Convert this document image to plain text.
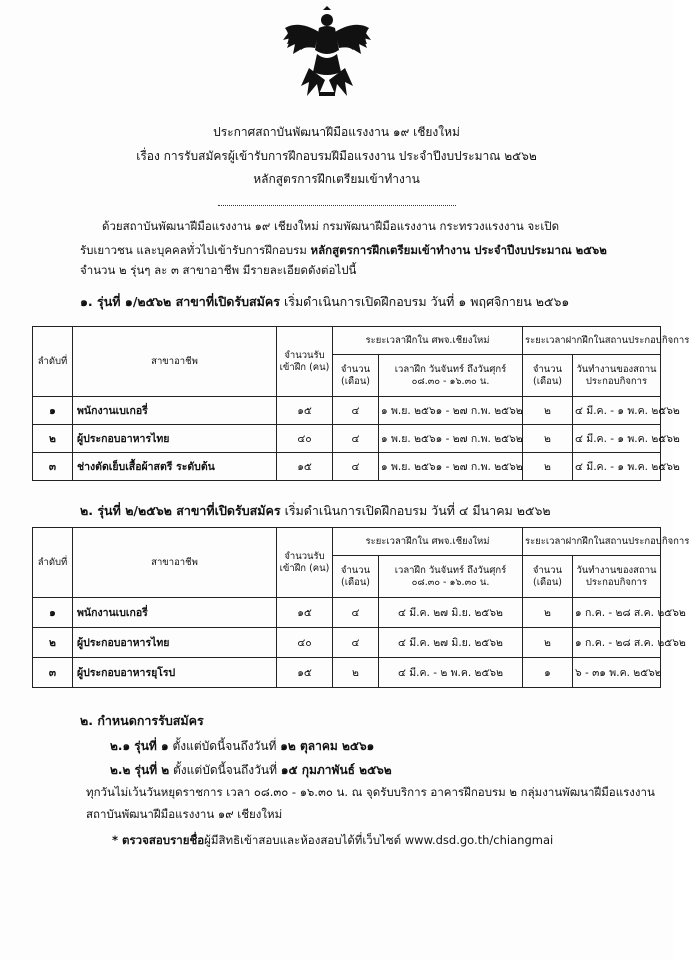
ประกาศสถาบันพัฒนาฝีมือแรงงาน ๑๙ เชียงใหม่
เรื่อง การรับสมัครผู้เข้ารับการฝึกอบรมฝีมือแรงงาน ประจำปีงบประมาณ ๒๕๖๒
หลักสูตรการฝึกเตรียมเข้าทำงาน
ด้วยสถาบันพัฒนาฝีมือแรงงาน ๑๙ เชียงใหม่ กรมพัฒนาฝีมือแรงงาน กระทรวงแรงงาน จะเปิด
รับเยาวชน และบุคคลทั่วไปเข้ารับการฝึกอบรม หลักสูตรการฝึกเตรียมเข้าทำงาน ประจำปีงบประมาณ ๒๕๖๒
จำนวน ๒ รุ่นๆ ละ ๓ สาขาอาชีพ มีรายละเอียดดังต่อไปนี้
๑. รุ่นที่ ๑/๒๕๖๒ สาขาที่เปิดรับสมัคร เริ่มดำเนินการเปิดฝึกอบรม วันที่ ๑ พฤศจิกายน ๒๕๖๑
ลำดับที่	สาขาอาชีพ	จำนวนรับเข้าฝึก (คน)	ระยะเวลาฝึกใน ศพจ.เชียงใหม่		ระยะเวลาฝากฝึกในสถานประกอบกิจการ	
			จำนวน (เดือน)	เวลาฝึก วันจันทร์ ถึงวันศุกร์ ๐๘.๓๐ - ๑๖.๓๐ น.	จำนวน (เดือน)	วันทำงานของสถานประกอบกิจการ
๑	พนักงานเบเกอรี่	๑๕	๔	๑ พ.ย. ๒๕๖๑ - ๒๗ ก.พ. ๒๕๖๒	๒	๔ มี.ค. - ๑ พ.ค. ๒๕๖๒
๒	ผู้ประกอบอาหารไทย	๔๐	๔	๑ พ.ย. ๒๕๖๑ - ๒๗ ก.พ. ๒๕๖๒	๒	๔ มี.ค. - ๑ พ.ค. ๒๕๖๒
๓	ช่างตัดเย็บเสื้อผ้าสตรี ระดับต้น	๑๕	๔	๑ พ.ย. ๒๕๖๑ - ๒๗ ก.พ. ๒๕๖๒	๒	๔ มี.ค. - ๑ พ.ค. ๒๕๖๒
๒. รุ่นที่ ๒/๒๕๖๒ สาขาที่เปิดรับสมัคร เริ่มดำเนินการเปิดฝึกอบรม วันที่ ๔ มีนาคม ๒๕๖๒
ลำดับที่	สาขาอาชีพ	จำนวนรับเข้าฝึก (คน)	ระยะเวลาฝึกใน ศพจ.เชียงใหม่		ระยะเวลาฝากฝึกในสถานประกอบกิจการ	
			จำนวน (เดือน)	เวลาฝึก วันจันทร์ ถึงวันศุกร์ ๐๘.๓๐ - ๑๖.๓๐ น.	จำนวน (เดือน)	วันทำงานของสถานประกอบกิจการ
๑	พนักงานเบเกอรี่	๑๕	๔	๔ มี.ค. ๒๗ มิ.ย. ๒๕๖๒	๒	๑ ก.ค. - ๒๘ ส.ค. ๒๕๖๒
๒	ผู้ประกอบอาหารไทย	๔๐	๔	๔ มี.ค. ๒๗ มิ.ย. ๒๕๖๒	๒	๑ ก.ค. - ๒๘ ส.ค. ๒๕๖๒
๓	ผู้ประกอบอาหารยุโรป	๑๕	๒	๔ มี.ค. - ๒ พ.ค. ๒๕๖๒	๑	๖ - ๓๑ พ.ค. ๒๕๖๒
๒. กำหนดการรับสมัคร
๒.๑ รุ่นที่ ๑ ตั้งแต่บัดนี้จนถึงวันที่ ๑๒ ตุลาคม ๒๕๖๑
๒.๒ รุ่นที่ ๒ ตั้งแต่บัดนี้จนถึงวันที่ ๑๕ กุมภาพันธ์ ๒๕๖๒
ทุกวันไม่เว้นวันหยุดราชการ เวลา ๐๘.๓๐ - ๑๖.๓๐ น. ณ จุดรับบริการ อาคารฝึกอบรม ๒ กลุ่มงานพัฒนาฝีมือแรงงาน
สถาบันพัฒนาฝีมือแรงงาน ๑๙ เชียงใหม่
* ตรวจสอบรายชื่อผู้มีสิทธิเข้าสอบและห้องสอบได้ที่เว็บไซต์ www.dsd.go.th/chiangmai
